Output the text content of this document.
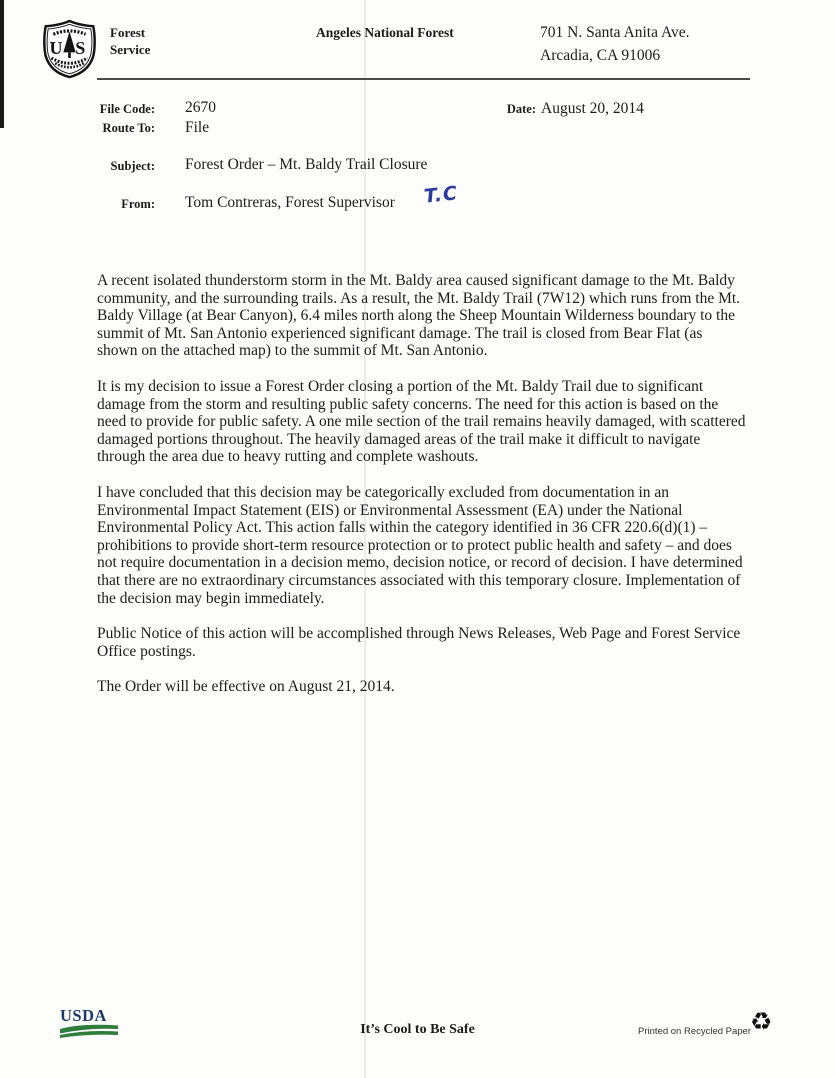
U S
Forest
Service
Angeles National Forest	701 N. Santa Anita Ave.
Arcadia, CA 91006
File Code: 2670	Date: August 20, 2014
Route To: File
Subject: Forest Order – Mt. Baldy Trail Closure
From: Tom Contreras, Forest Supervisor T.C

A recent isolated thunderstorm storm in the Mt. Baldy area caused significant damage to the Mt. Baldy community, and the surrounding trails. As a result, the Mt. Baldy Trail (7W12) which runs from the Mt. Baldy Village (at Bear Canyon), 6.4 miles north along the Sheep Mountain Wilderness boundary to the summit of Mt. San Antonio experienced significant damage. The trail is closed from Bear Flat (as shown on the attached map) to the summit of Mt. San Antonio.

It is my decision to issue a Forest Order closing a portion of the Mt. Baldy Trail due to significant damage from the storm and resulting public safety concerns. The need for this action is based on the need to provide for public safety. A one mile section of the trail remains heavily damaged, with scattered damaged portions throughout. The heavily damaged areas of the trail make it difficult to navigate through the area due to heavy rutting and complete washouts.

I have concluded that this decision may be categorically excluded from documentation in an Environmental Impact Statement (EIS) or Environmental Assessment (EA) under the National Environmental Policy Act. This action falls within the category identified in 36 CFR 220.6(d)(1) – prohibitions to provide short-term resource protection or to protect public health and safety – and does not require documentation in a decision memo, decision notice, or record of decision. I have determined that there are no extraordinary circumstances associated with this temporary closure. Implementation of the decision may begin immediately.

Public Notice of this action will be accomplished through News Releases, Web Page and Forest Service Office postings.

The Order will be effective on August 21, 2014.

USDA
It’s Cool to Be Safe	Printed on Recycled Paper
♻
